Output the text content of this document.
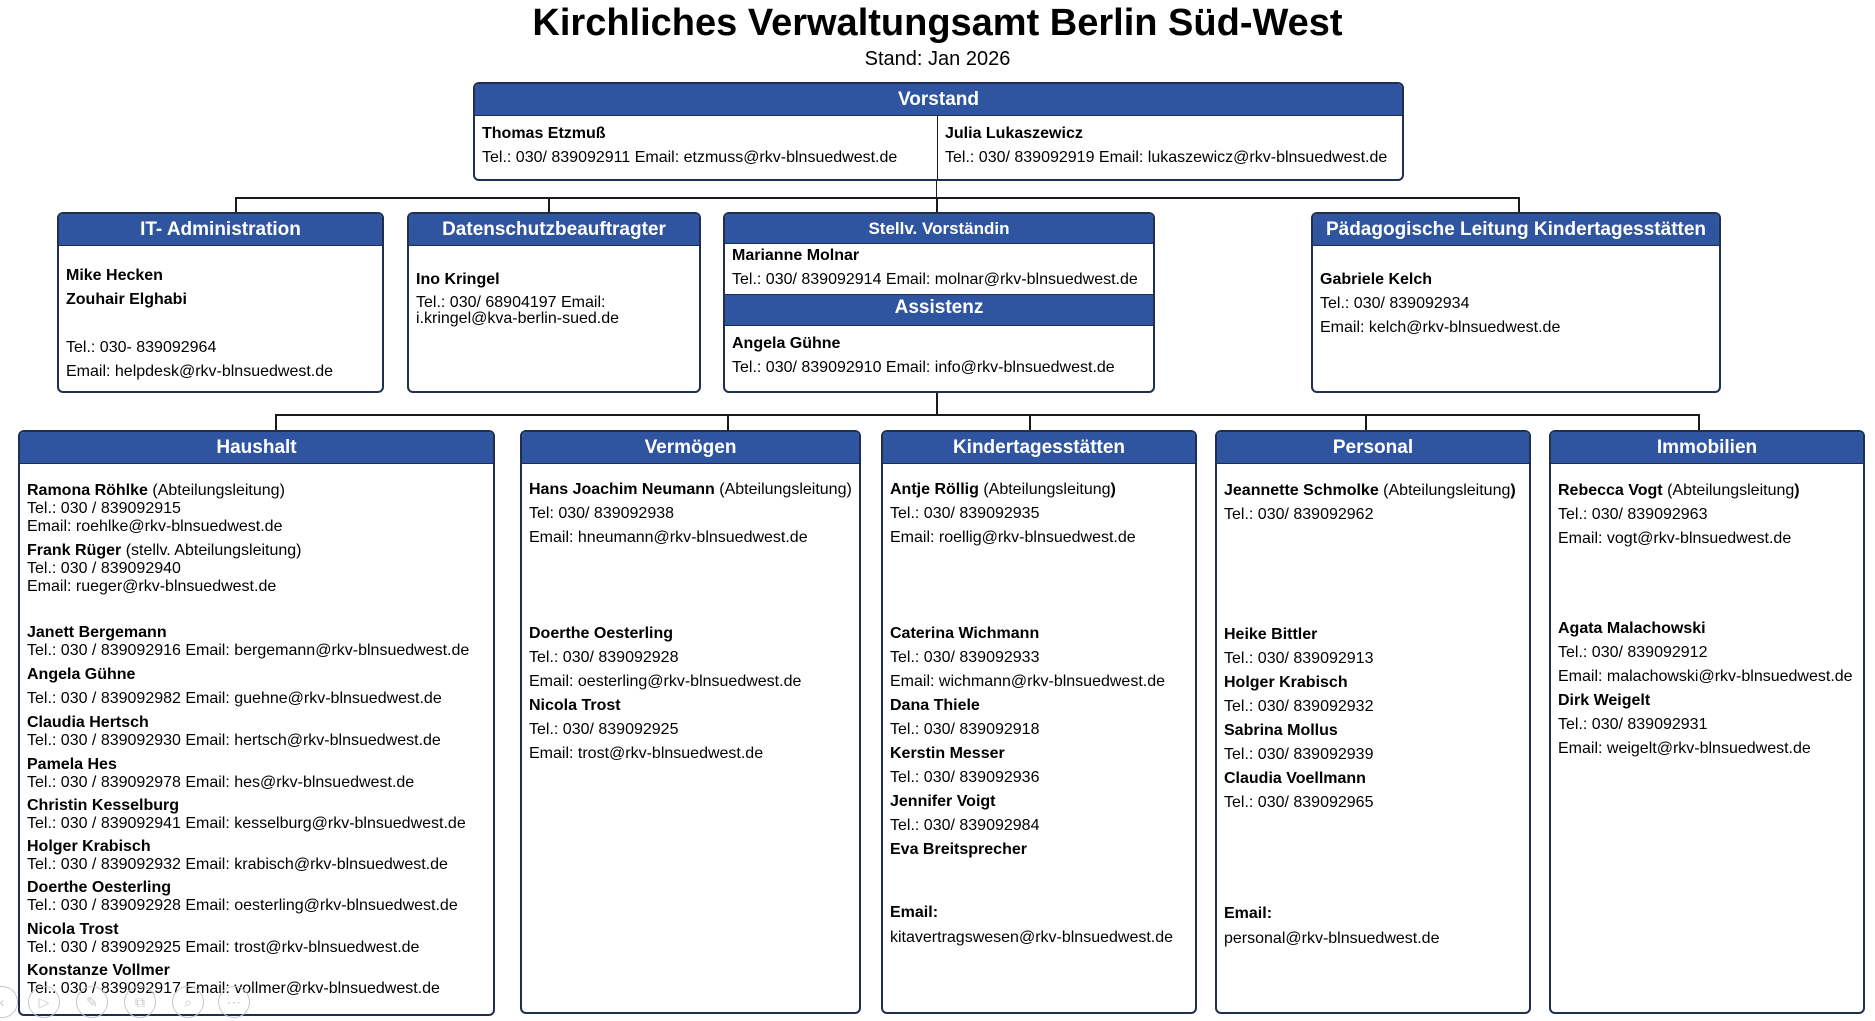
Kirchliches Verwaltungsamt Berlin Süd-West
Stand: Jan 2026
Vorstand
Thomas Etzmuß
Tel.: 030/ 839092911 Email: etzmuss@rkv-blnsuedwest.de
Julia Lukaszewicz
Tel.: 030/ 839092919 Email: lukaszewicz@rkv-blnsuedwest.de
IT- Administration
Mike Hecken
Zouhair Elghabi
Tel.: 030- 839092964
Email: helpdesk@rkv-blnsuedwest.de
Datenschutzbeauftragter
Ino Kringel
Tel.: 030/ 68904197 Email:
i.kringel@kva-berlin-sued.de
Stellv. Vorständin
Marianne Molnar
Tel.: 030/ 839092914 Email: molnar@rkv-blnsuedwest.de
Assistenz
Angela Gühne
Tel.: 030/ 839092910 Email: info@rkv-blnsuedwest.de
Pädagogische Leitung Kindertagesstätten
Gabriele Kelch
Tel.: 030/ 839092934
Email: kelch@rkv-blnsuedwest.de
Haushalt
Ramona Röhlke (Abteilungsleitung)
Tel.: 030 / 839092915
Email: roehlke@rkv-blnsuedwest.de
Frank Rüger (stellv. Abteilungsleitung)
Tel.: 030 / 839092940
Email: rueger@rkv-blnsuedwest.de
Janett Bergemann
Tel.: 030 / 839092916 Email: bergemann@rkv-blnsuedwest.de
Angela Gühne
Tel.: 030 / 839092982 Email: guehne@rkv-blnsuedwest.de
Claudia Hertsch
Tel.: 030 / 839092930 Email: hertsch@rkv-blnsuedwest.de
Pamela Hes
Tel.: 030 / 839092978 Email: hes@rkv-blnsuedwest.de
Christin Kesselburg
Tel.: 030 / 839092941 Email: kesselburg@rkv-blnsuedwest.de
Holger Krabisch
Tel.: 030 / 839092932 Email: krabisch@rkv-blnsuedwest.de
Doerthe Oesterling
Tel.: 030 / 839092928 Email: oesterling@rkv-blnsuedwest.de
Nicola Trost
Tel.: 030 / 839092925 Email: trost@rkv-blnsuedwest.de
Konstanze Vollmer
Tel.: 030 / 839092917 Email: vollmer@rkv-blnsuedwest.de
Vermögen
Hans Joachim Neumann (Abteilungsleitung)
Tel: 030/ 839092938
Email: hneumann@rkv-blnsuedwest.de
Doerthe Oesterling
Tel.: 030/ 839092928
Email: oesterling@rkv-blnsuedwest.de
Nicola Trost
Tel.: 030/ 839092925
Email: trost@rkv-blnsuedwest.de
Kindertagesstätten
Antje Röllig (Abteilungsleitung)
Tel.: 030/ 839092935
Email: roellig@rkv-blnsuedwest.de
Caterina Wichmann
Tel.: 030/ 839092933
Email: wichmann@rkv-blnsuedwest.de
Dana Thiele
Tel.: 030/ 839092918
Kerstin Messer
Tel.: 030/ 839092936
Jennifer Voigt
Tel.: 030/ 839092984
Eva Breitsprecher
Email:
kitavertragswesen@rkv-blnsuedwest.de
Personal
Jeannette Schmolke (Abteilungsleitung)
Tel.: 030/ 839092962
Heike Bittler
Tel.: 030/ 839092913
Holger Krabisch
Tel.: 030/ 839092932
Sabrina Mollus
Tel.: 030/ 839092939
Claudia Voellmann
Tel.: 030/ 839092965
Email:
personal@rkv-blnsuedwest.de
Immobilien
Rebecca Vogt (Abteilungsleitung)
Tel.: 030/ 839092963
Email: vogt@rkv-blnsuedwest.de
Agata Malachowski
Tel.: 030/ 839092912
Email: malachowski@rkv-blnsuedwest.de
Dirk Weigelt
Tel.: 030/ 839092931
Email: weigelt@rkv-blnsuedwest.de
‹	▷	✎	⧉	⌕	⋯
